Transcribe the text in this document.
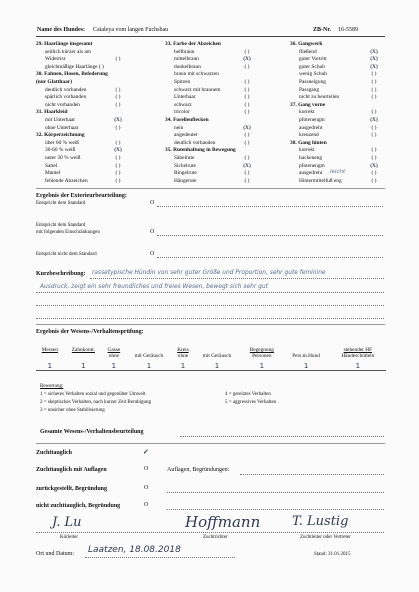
Name des Hundes: Cataleya vom langen Fuchsbau	ZB-Nr. 16-5589
29. Haarlänge insgesamt
seitlich kürzer als am
Widerrist	( )
gleichmäßige Haarlänge ( )
30. Fahnen, Hosen, Befederung
(nur Glatthaar)
deutlich vorhanden	( )
spärlich vorhanden	( )
nicht vorhanden	( )
31. Haarkleid
mit Unterhaar	(X)
ohne Unterhaar	( )
32. Körperzeichnung
über 60 % weiß	( )
30-60 % weiß	(X)
unter 30 % weiß	( )
Sattel	( )
Mantel	( )
fehlende Abzeichen	( )
33. Farbe der Abzeichen
hellbraun	( )
mittelbraun	(X)
dunkelbraun	( )
braun mit schwarzen
Spitzen	( )
schwarz mit braunem	( )
Unterhaar	( )
schwarz	( )
tricolor	( )
34. Forellenflecken
nein	(X)
angedeutet	( )
deutlich vorhanden	( )
35. Rutenhaltung in Bewegung
Säbelrute	( )
Sichelrute	(X)
Ringelrute	( )
Hängerute	( )
36. Gangwerk
fließend	(X)
guter Vortritt	(X)
guter Schub	(X)
wenig Schub	( )
Passneigung	( )
Passgang	( )
nicht zu beurteilen	( )
37. Gang vorne
korrekt	( )
pfotenengm	(X)
ausgedreht	( )
kreuzend	( )
38. Gang hinten
korrekt	( )
hackeneng	( )
pfotenengm	(X)
ausgedreht	( )
Hintermittelfuß eng	( )
leicht
Ergebnis der Exterieurbeurteilung:
Entspricht dem Standard	O
Entspricht dem Standard
mit folgenden Einschränkungen	O
Entspricht nicht dem Standard	O
Kurzbeschreibung: rassetypische Hündin von sehr guter Größe und Proportion, sehr gute feminine
Ausdruck, zeigt ein sehr freundliches und freies Wesen, bewegt sich sehr gut
Ergebnis der Wesens-/Verhaltensprüfung:
Messen	Zahnkontr.	Gasse		Kreis		Begegnung		stehender HF
		ohne	mit Geräusch	ohne	mit Geräusch	Personen	Pers.m.Hund	Händeschütteln
1	1	1	1	1	1	1	1	1
Bewertung:
1 = sicheres Verhalten sozial und gegenüber Umwelt
2 = skeptisches Verhalten, nach kurzer Zeit Beruhigung
3 = unsicher ohne Stabilisierung
4 = gereiztes Verhalten
5 = aggressives Verhalten
Gesamte Wesens-/Verhaltensbeurteilung
Zuchttauglich	✓
Zuchttauglich mit Auflagen	O	Auflagen, Begründungen:
zurückgestellt, Begründung	O
nicht zuchttauglich, Begründung	O
J. Lu	Hoffmann T. Lustig
Körleiter	Zuchtrichter	Zuchtleiter oder Vertreter
Ort und Datum: Laatzen, 18.08.2018	Stand: 31.01.2015
